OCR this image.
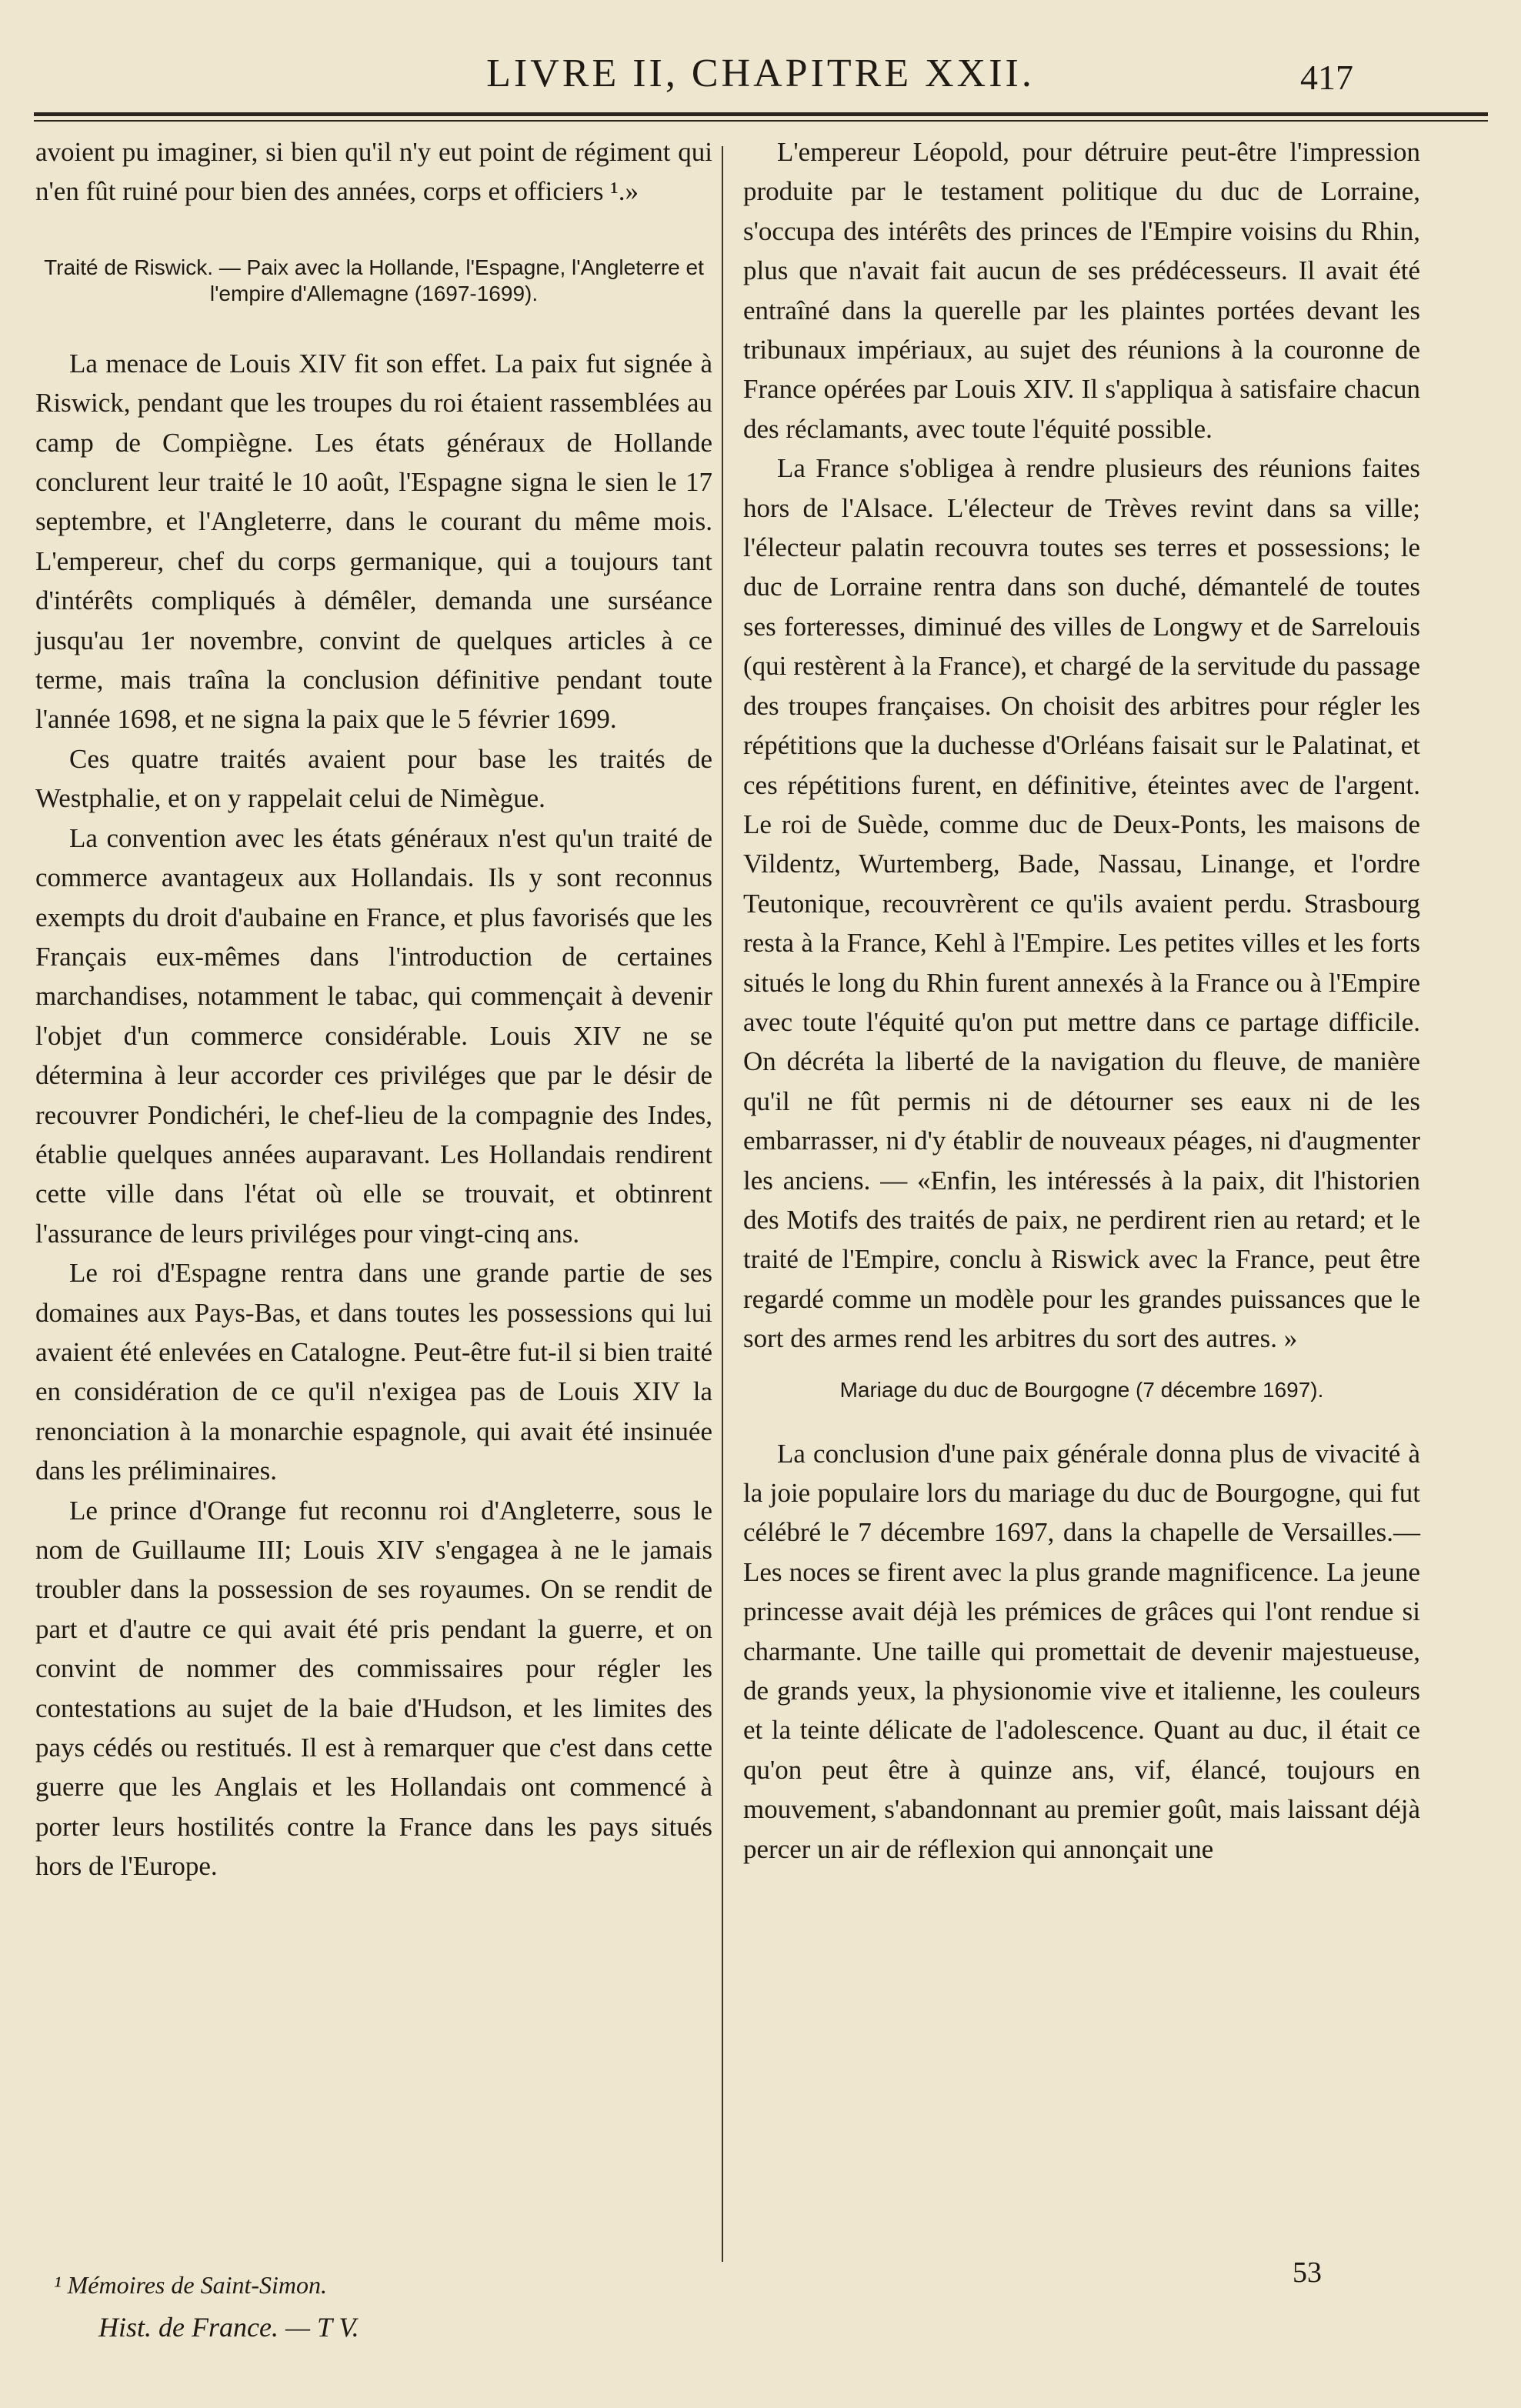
LIVRE II, CHAPITRE XXII.	417

avoient pu imaginer, si bien qu'il n'y eut point de régiment qui n'en fût ruiné pour bien des années, corps et officiers ¹.»

Traité de Riswick. — Paix avec la Hollande, l'Espagne, l'Angleterre et l'empire d'Allemagne (1697-1699).

La menace de Louis XIV fit son effet. La paix fut signée à Riswick, pendant que les troupes du roi étaient rassemblées au camp de Compiègne. Les états généraux de Hollande conclurent leur traité le 10 août, l'Espagne signa le sien le 17 septembre, et l'Angleterre, dans le courant du même mois. L'empereur, chef du corps germanique, qui a toujours tant d'intérêts compliqués à démêler, demanda une surséance jusqu'au 1er novembre, convint de quelques articles à ce terme, mais traîna la conclusion définitive pendant toute l'année 1698, et ne signa la paix que le 5 février 1699.

Ces quatre traités avaient pour base les traités de Westphalie, et on y rappelait celui de Nimègue.

La convention avec les états généraux n'est qu'un traité de commerce avantageux aux Hollandais. Ils y sont reconnus exempts du droit d'aubaine en France, et plus favorisés que les Français eux-mêmes dans l'introduction de certaines marchandises, notamment le tabac, qui commençait à devenir l'objet d'un commerce considérable. Louis XIV ne se détermina à leur accorder ces priviléges que par le désir de recouvrer Pondichéri, le chef-lieu de la compagnie des Indes, établie quelques années auparavant. Les Hollandais rendirent cette ville dans l'état où elle se trouvait, et obtinrent l'assurance de leurs priviléges pour vingt-cinq ans.

Le roi d'Espagne rentra dans une grande partie de ses domaines aux Pays-Bas, et dans toutes les possessions qui lui avaient été enlevées en Catalogne. Peut-être fut-il si bien traité en considération de ce qu'il n'exigea pas de Louis XIV la renonciation à la monarchie espagnole, qui avait été insinuée dans les préliminaires.

Le prince d'Orange fut reconnu roi d'Angleterre, sous le nom de Guillaume III; Louis XIV s'engagea à ne le jamais troubler dans la possession de ses royaumes. On se rendit de part et d'autre ce qui avait été pris pendant la guerre, et on convint de nommer des commissaires pour régler les contestations au sujet de la baie d'Hudson, et les limites des pays cédés ou restitués. Il est à remarquer que c'est dans cette guerre que les Anglais et les Hollandais ont commencé à porter leurs hostilités contre la France dans les pays situés hors de l'Europe.

L'empereur Léopold, pour détruire peut-être l'impression produite par le testament politique du duc de Lorraine, s'occupa des intérêts des princes de l'Empire voisins du Rhin, plus que n'avait fait aucun de ses prédécesseurs. Il avait été entraîné dans la querelle par les plaintes portées devant les tribunaux impériaux, au sujet des réunions à la couronne de France opérées par Louis XIV. Il s'appliqua à satisfaire chacun des réclamants, avec toute l'équité possible.

La France s'obligea à rendre plusieurs des réunions faites hors de l'Alsace. L'électeur de Trèves revint dans sa ville; l'électeur palatin recouvra toutes ses terres et possessions; le duc de Lorraine rentra dans son duché, démantelé de toutes ses forteresses, diminué des villes de Longwy et de Sarrelouis (qui restèrent à la France), et chargé de la servitude du passage des troupes françaises. On choisit des arbitres pour régler les répétitions que la duchesse d'Orléans faisait sur le Palatinat, et ces répétitions furent, en définitive, éteintes avec de l'argent. Le roi de Suède, comme duc de Deux-Ponts, les maisons de Vildentz, Wurtemberg, Bade, Nassau, Linange, et l'ordre Teutonique, recouvrèrent ce qu'ils avaient perdu. Strasbourg resta à la France, Kehl à l'Empire. Les petites villes et les forts situés le long du Rhin furent annexés à la France ou à l'Empire avec toute l'équité qu'on put mettre dans ce partage difficile. On décréta la liberté de la navigation du fleuve, de manière qu'il ne fût permis ni de détourner ses eaux ni de les embarrasser, ni d'y établir de nouveaux péages, ni d'augmenter les anciens. — «Enfin, les intéressés à la paix, dit l'historien des Motifs des traités de paix, ne perdirent rien au retard; et le traité de l'Empire, conclu à Riswick avec la France, peut être regardé comme un modèle pour les grandes puissances que le sort des armes rend les arbitres du sort des autres. »

Mariage du duc de Bourgogne (7 décembre 1697).

La conclusion d'une paix générale donna plus de vivacité à la joie populaire lors du mariage du duc de Bourgogne, qui fut célébré le 7 décembre 1697, dans la chapelle de Versailles.—Les noces se firent avec la plus grande magnificence. La jeune princesse avait déjà les prémices de grâces qui l'ont rendue si charmante. Une taille qui promettait de devenir majestueuse, de grands yeux, la physionomie vive et italienne, les couleurs et la teinte délicate de l'adolescence. Quant au duc, il était ce qu'on peut être à quinze ans, vif, élancé, toujours en mouvement, s'abandonnant au premier goût, mais laissant déjà percer un air de réflexion qui annonçait une

¹ Mémoires de Saint-Simon.
Hist. de France. — T V.
53
